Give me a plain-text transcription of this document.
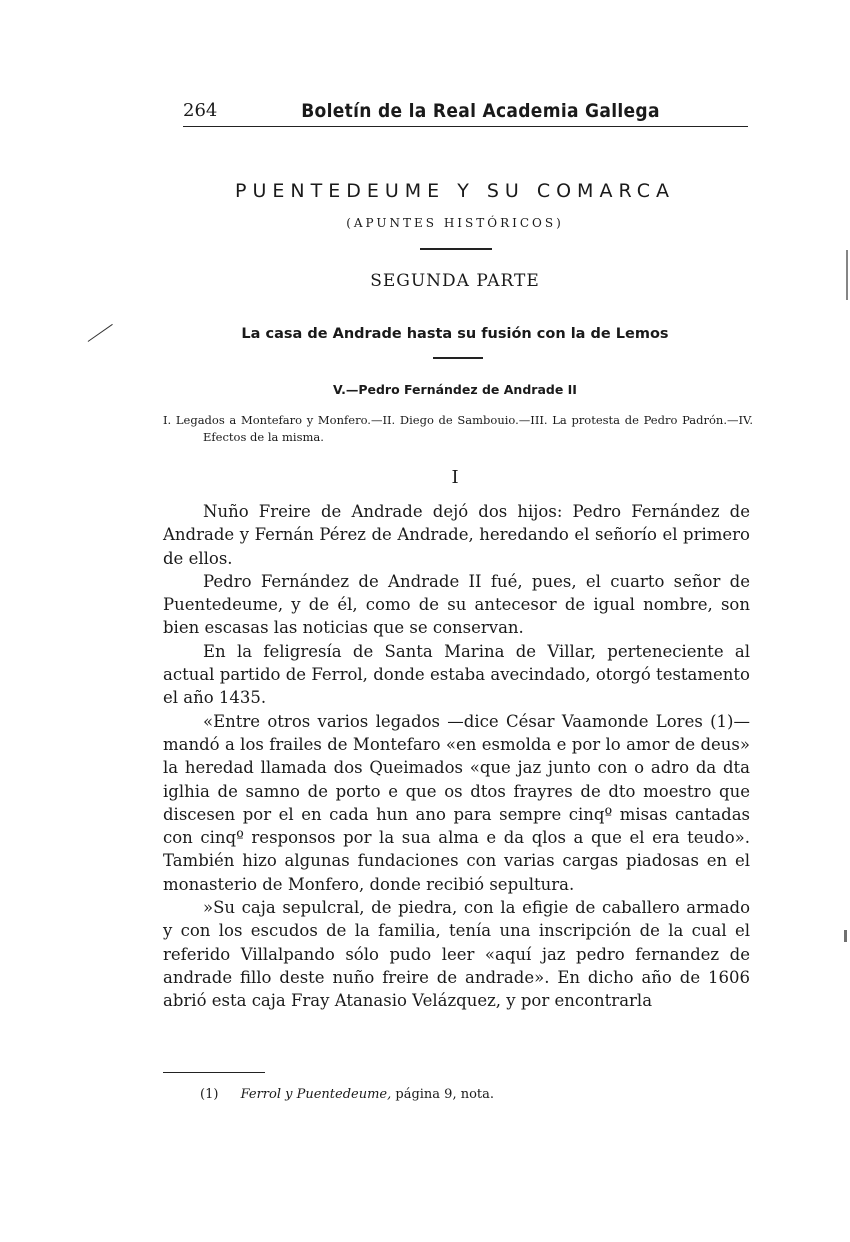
264	Boletín de la Real Academia Gallega
PUENTEDEUME Y SU COMARCA
(APUNTES HISTÓRICOS)
SEGUNDA PARTE
La casa de Andrade hasta su fusión con la de Lemos
V.—Pedro Fernández de Andrade II
I. Legados a Montefaro y Monfero.—II. Diego de Sambouio.—III. La protesta de Pedro Padrón.—IV. Efectos de la misma.
I

Nuño Freire de Andrade dejó dos hijos: Pedro Fernández de Andrade y Fernán Pérez de Andrade, heredando el señorío el primero de ellos.

Pedro Fernández de Andrade II fué, pues, el cuarto señor de Puentedeume, y de él, como de su antecesor de igual nombre, son bien escasas las noticias que se conservan.

En la feligresía de Santa Marina de Villar, perteneciente al actual partido de Ferrol, donde estaba avecindado, otorgó testamento el año 1435.

«Entre otros varios legados —dice César Vaamonde Lores (1)— mandó a los frailes de Montefaro «en esmolda e por lo amor de deus» la heredad llamada dos Queimados «que jaz junto con o adro da dta iglhia de samno de porto e que os dtos frayres de dto moestro que discesen por el en cada hun ano para sempre cinqº misas cantadas con cinqº responsos por la sua alma e da qlos a que el era teudo». También hizo algunas fundaciones con varias cargas piadosas en el monasterio de Monfero, donde recibió sepultura.

»Su caja sepulcral, de piedra, con la efigie de caballero armado y con los escudos de la familia, tenía una inscripción de la cual el referido Villalpando sólo pudo leer «aquí jaz pedro fernandez de andrade fillo deste nuño freire de andrade». En dicho año de 1606 abrió esta caja Fray Atanasio Velázquez, y por encontrarla

(1) Ferrol y Puentedeume, página 9, nota.
